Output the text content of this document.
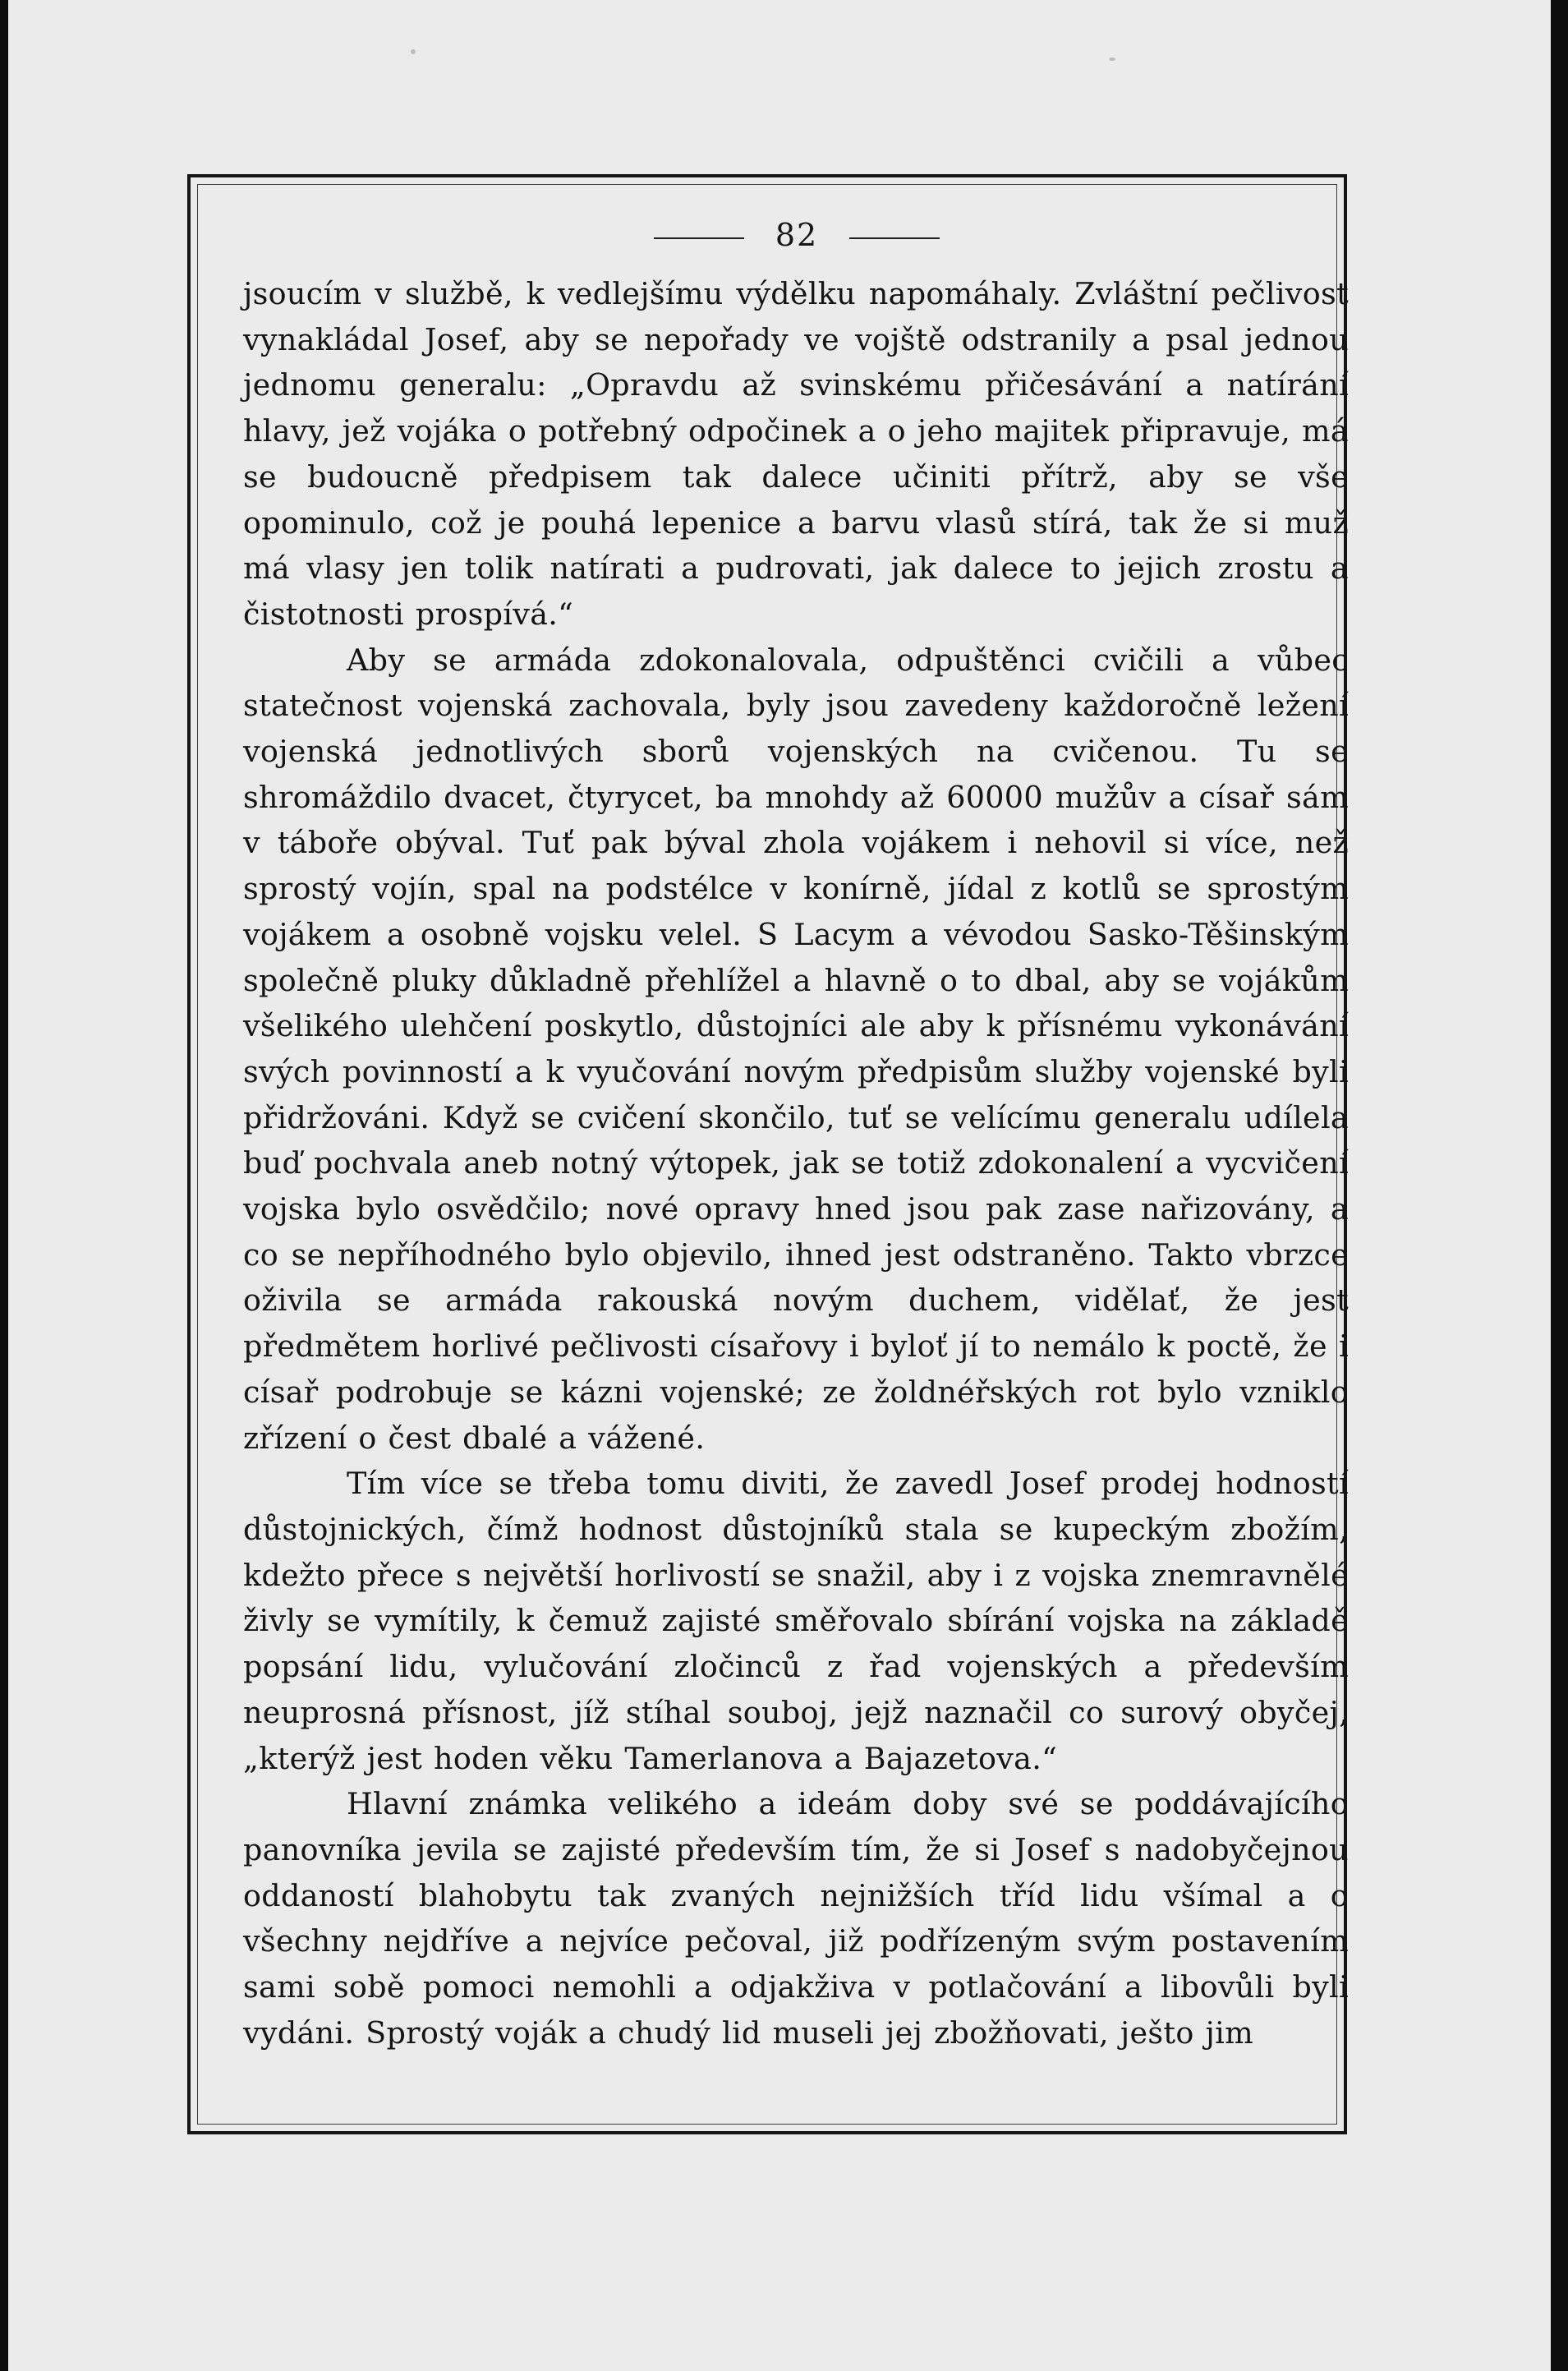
82

jsoucím v službě, k vedlejšímu výdělku napomáhaly. Zvláštní pečlivost vynakládal Josef, aby se nepořady ve vojště odstranily a psal jednou jednomu generalu: „Opravdu až svinskému přičesávání a natírání hlavy, jež vojáka o potřebný odpočinek a o jeho majitek připravuje, má se budoucně předpisem tak dalece učiniti přítrž, aby se vše opominulo, což je pouhá lepenice a barvu vlasů stírá, tak že si muž má vlasy jen tolik natírati a pudrovati, jak dalece to jejich zrostu a čistotnosti prospívá.“

Aby se armáda zdokonalovala, odpuštěnci cvičili a vůbec statečnost vojenská zachovala, byly jsou zavedeny každoročně ležení vojenská jednotlivých sborů vojenských na cvičenou. Tu se shromáždilo dvacet, čtyrycet, ba mnohdy až 60000 mužův a císař sám v táboře obýval. Tuť pak býval zhola vojákem i nehovil si více, než sprostý vojín, spal na podstélce v konírně, jídal z kotlů se sprostým vojákem a osobně vojsku velel. S Lacym a vévodou Sasko-Těšinským společně pluky důkladně přehlížel a hlavně o to dbal, aby se vojákům všelikého ulehčení poskytlo, důstojníci ale aby k přísnému vykonávání svých povinností a k vyučování novým předpisům služby vojenské byli přidržováni. Když se cvičení skončilo, tuť se velícímu generalu udílela buď pochvala aneb notný výtopek, jak se totiž zdokonalení a vycvičení vojska bylo osvědčilo; nové opravy hned jsou pak zase nařizovány, a co se nepříhodného bylo objevilo, ihned jest odstraněno. Takto vbrzce oživila se armáda rakouská novým duchem, vidělať, že jest předmětem horlivé pečlivosti císařovy i bylоť jí to nemálo k poctě, že i císař podrobuje se kázni vojenské; ze žoldnéřských rot bylo vzniklo zřízení o čest dbalé a vážené.

Tím více se třeba tomu diviti, že zavedl Josef prodej hodností důstojnických, čímž hodnost důstojníků stala se kupeckým zbožím, kdežto přece s největší horlivostí se snažil, aby i z vojska znemravnělé živly se vymítily, k čemuž zajisté směřovalo sbírání vojska na základě popsání lidu, vylučování zločinců z řad vojenských a především neuprosná přísnost, jíž stíhal souboj, jejž naznačil co surový obyčej, „kterýž jest hoden věku Tamerlanova a Bajazetova.“

Hlavní známka velikého a ideám doby své se poddávajícího panovníka jevila se zajisté především tím, že si Josef s nadobyčejnou oddaností blahobytu tak zvaných nejnižších tříd lidu všímal a o všechny nejdříve a nejvíce pečoval, již podřízeným svým postavením sami sobě pomoci nemohli a odjakživa v potlačování a libovůli byli vydáni. Sprostý voják a chudý lid museli jej zbožňovati, ještо jim
